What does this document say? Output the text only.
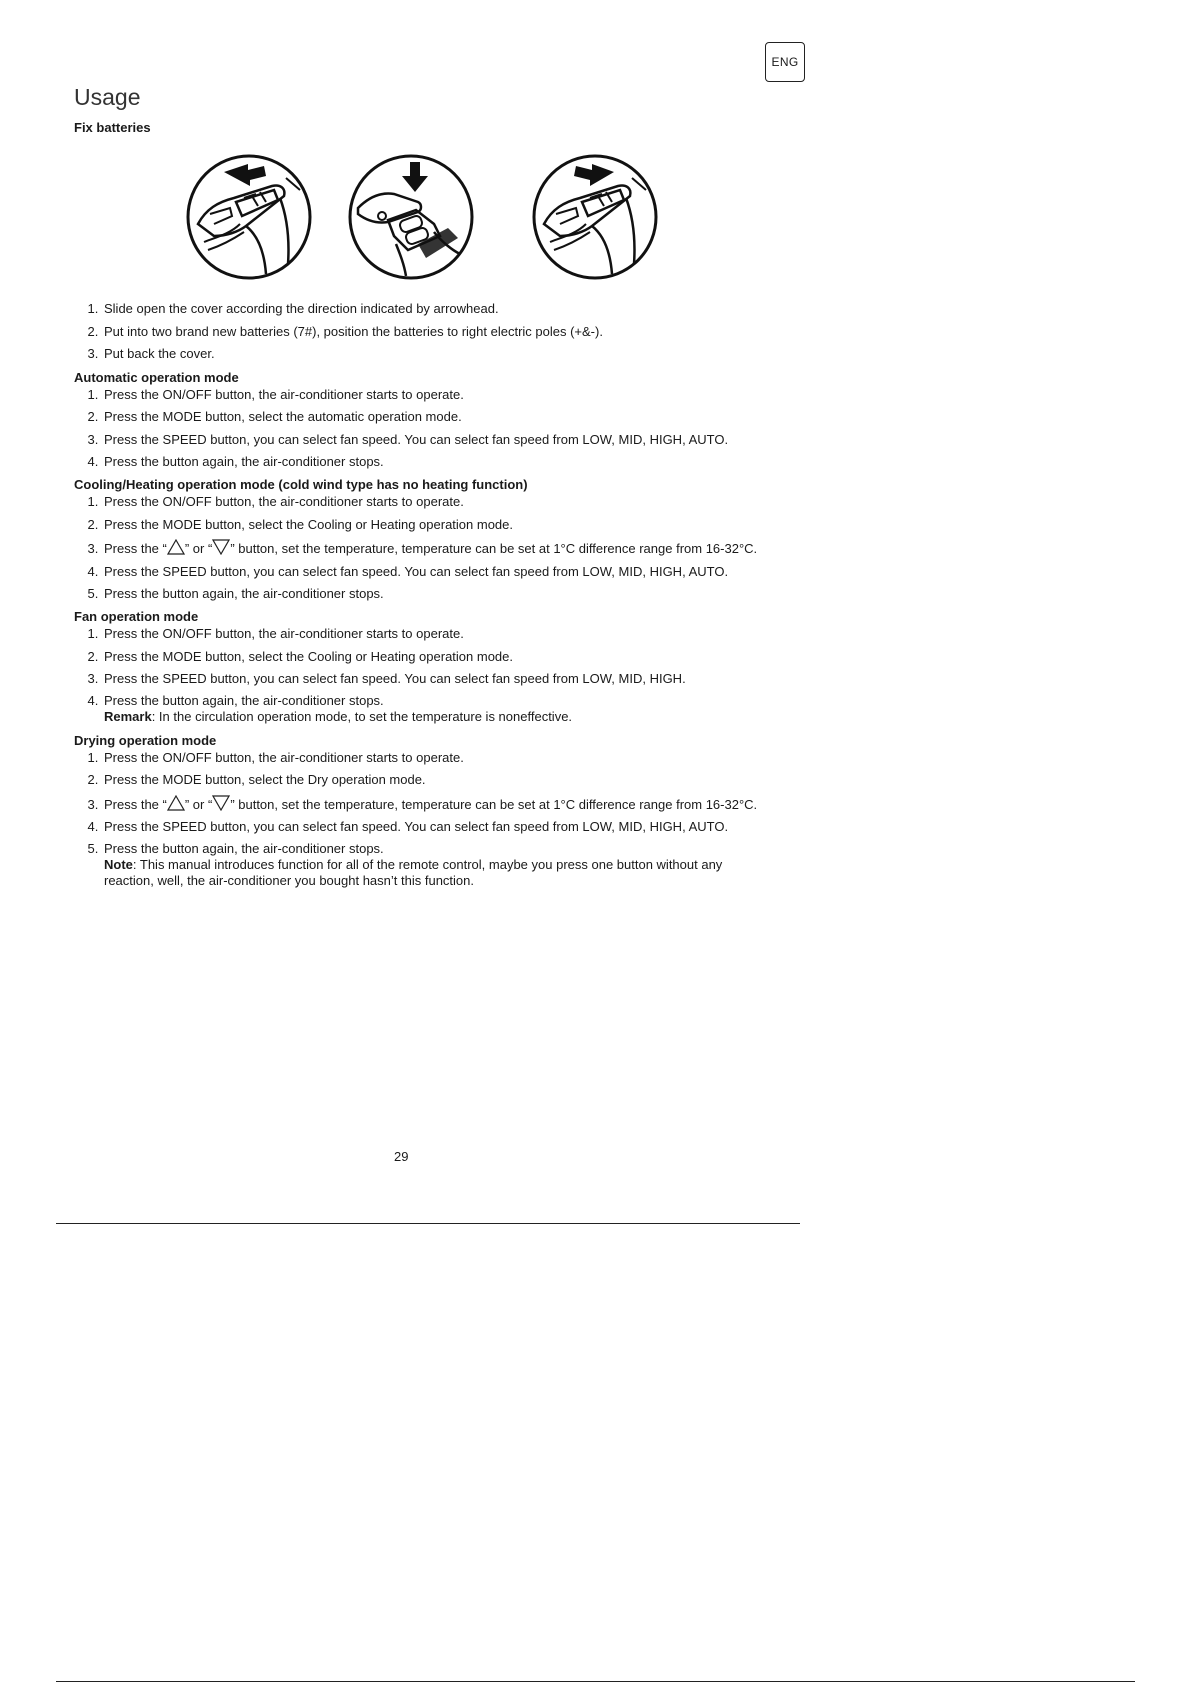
ENG
Usage

Fix batteries

1. Slide open the cover according the direction indicated by arrowhead.
2. Put into two brand new batteries (7#), position the batteries to right electric poles (+&-).
3. Put back the cover.

Automatic operation mode

1. Press the ON/OFF button, the air-conditioner starts to operate.
2. Press the MODE button, select the automatic operation mode.
3. Press the SPEED button, you can select fan speed. You can select fan speed from LOW, MID, HIGH, AUTO.
4. Press the button again, the air-conditioner stops.

Cooling/Heating operation mode (cold wind type has no heating function)

1. Press the ON/OFF button, the air-conditioner starts to operate.
2. Press the MODE button, select the Cooling or Heating operation mode.
3. Press the “ ” or “ ” button, set the temperature, temperature can be set at 1°C difference range from 16-32°C.
4. Press the SPEED button, you can select fan speed. You can select fan speed from LOW, MID, HIGH, AUTO.
5. Press the button again, the air-conditioner stops.

Fan operation mode

1. Press the ON/OFF button, the air-conditioner starts to operate.
2. Press the MODE button, select the Cooling or Heating operation mode.
3. Press the SPEED button, you can select fan speed. You can select fan speed from LOW, MID, HIGH.
4. Press the button again, the air-conditioner stops.
Remark: In the circulation operation mode, to set the temperature is noneffective.

Drying operation mode

1. Press the ON/OFF button, the air-conditioner starts to operate.
2. Press the MODE button, select the Dry operation mode.
3. Press the “ ” or “ ” button, set the temperature, temperature can be set at 1°C difference range from 16-32°C.
4. Press the SPEED button, you can select fan speed. You can select fan speed from LOW, MID, HIGH, AUTO.
5. Press the button again, the air-conditioner stops.
Note: This manual introduces function for all of the remote control, maybe you press one button without any reaction, well, the air-conditioner you bought hasn’t this function.
29
